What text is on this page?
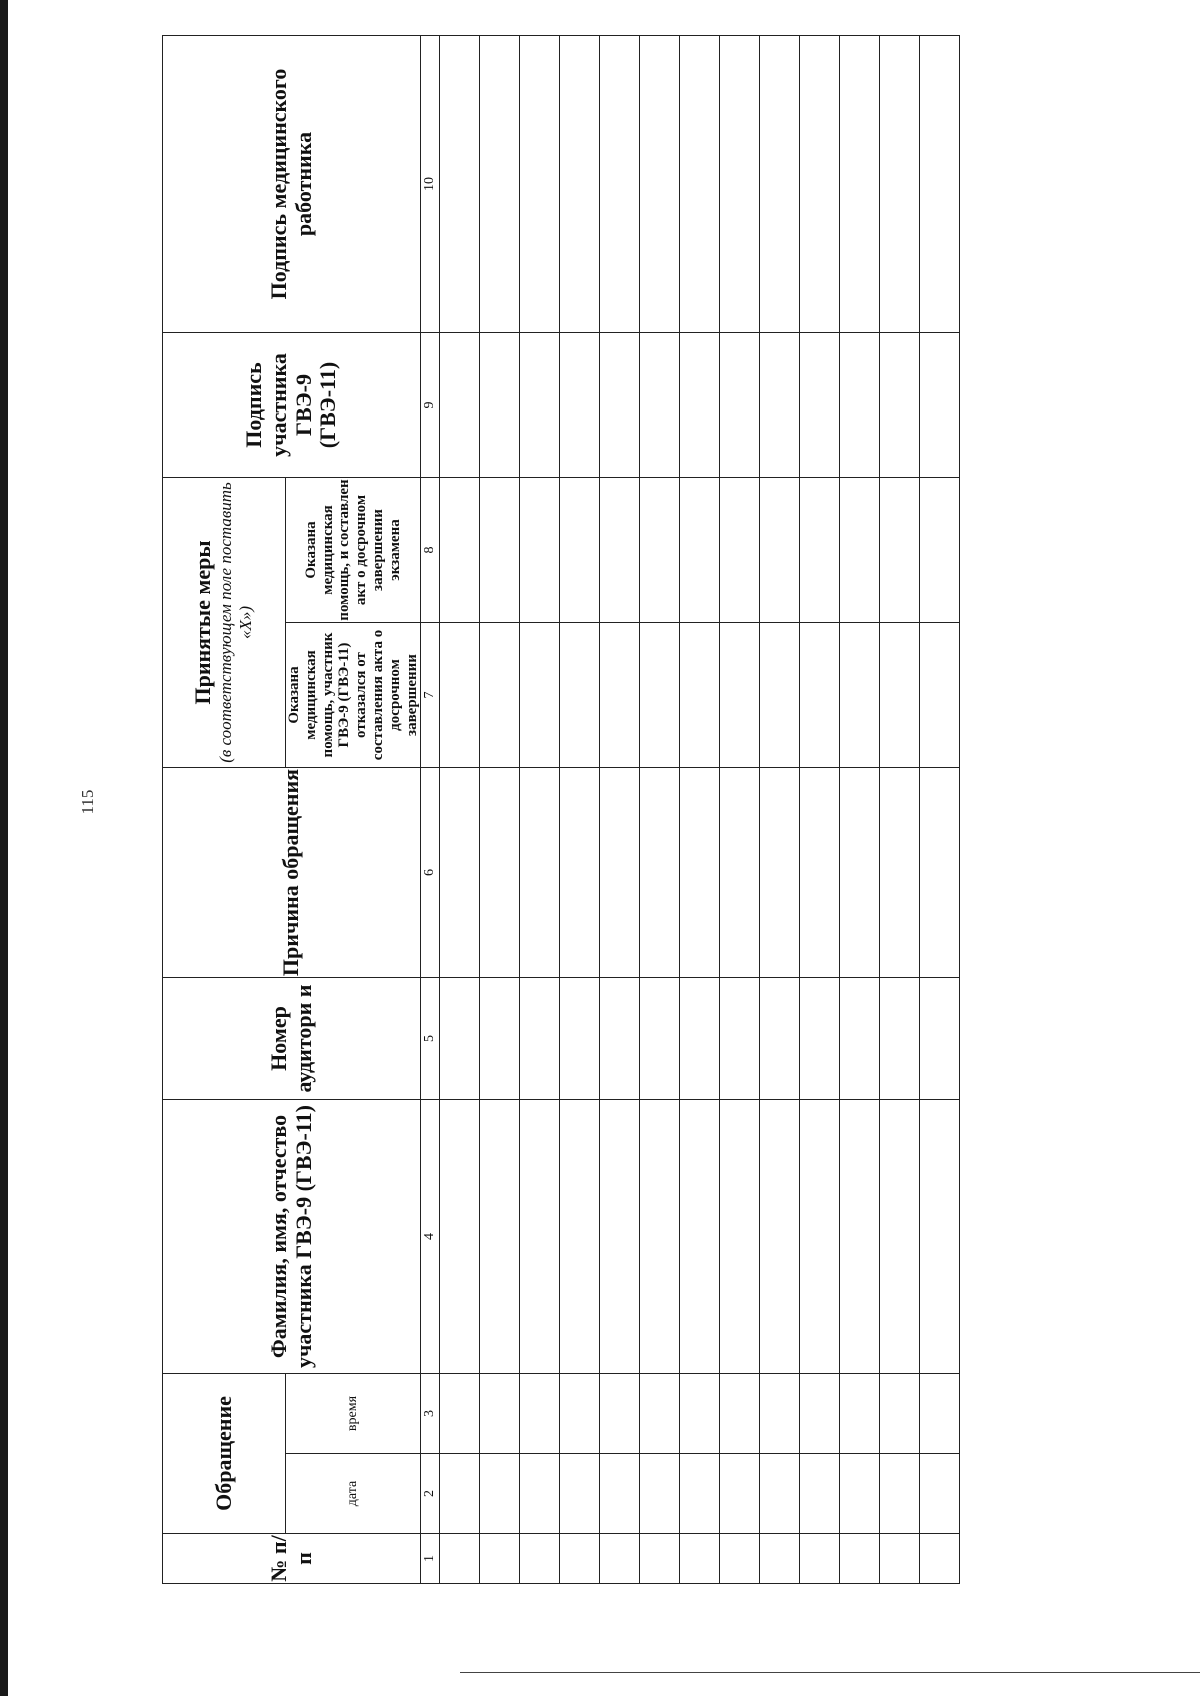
115
№ п/п	Обращение		Фамилия, имя, отчество участника ГВЭ-9 (ГВЭ-11)	Номер аудитори и	Причина обращения	Принятые меры (в соответствующем поле поставить «Х»)		Подпись участника ГВЭ-9 (ГВЭ-11)	Подпись медицинского работника
	дата	время				Оказана медицинская помощь, участник ГВЭ-9 (ГВЭ-11) отказался от составления акта о досрочном завершении	Оказана медицинская помощь, и составлен акт о досрочном завершении экзамена		
1	2	3	4	5	6	7	8	9	10
